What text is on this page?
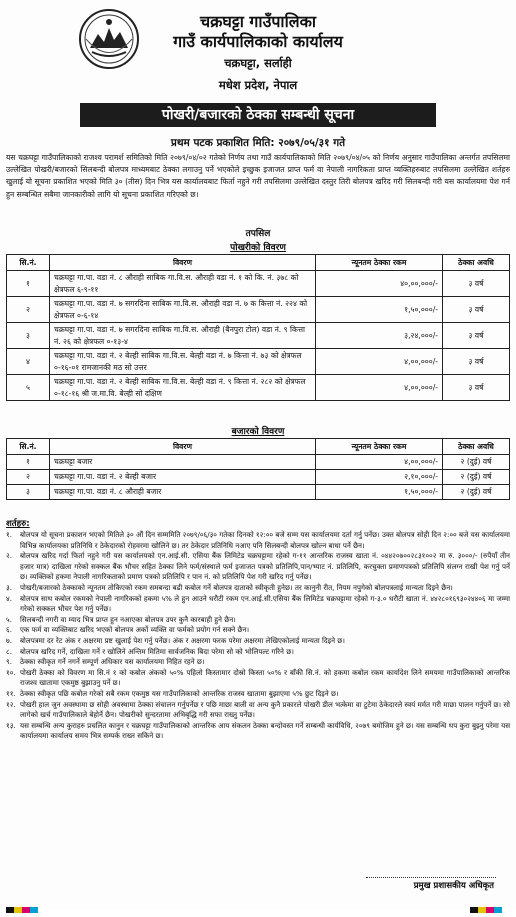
चक्रघट्टा गाउँपालिका
गाउँ कार्यपालिकाको कार्यालय
चक्रघट्टा, सर्लाही
मधेश प्रदेश, नेपाल
पोखरी/बजारको ठेक्का सम्बन्धी सूचना
प्रथम पटक प्रकाशित मिति: २०७९/०५/३१ गते
यस चक्रघट्टा गाउँपालिकाको राजश्व परामर्श समितिको मिति २०७९/०४/०२ गतेको निर्णय तथा गाउँ कार्यपालिकाको मिति २०७९/०४/०५ को निर्णय अनुसार गाउँपालिका अन्तर्गत तपसिलमा उल्लेखित पोखरी/बजारको सिलबन्दी बोलपत्र माध्यमबाट ठेक्का लगाउनु पर्ने भएकोले इच्छुक इजाजत प्राप्त फर्म वा नेपाली नागरिकता प्राप्त व्यक्तिहरुबाट तपसिलमा उल्लेखित शर्तहरु खुलाई यो सूचना प्रकाशित भएको मिति ३० (तीस) दिन भित्र यस कार्यालयबाट फिर्ता नहुने गरी तपसिलमा उल्लेखित दस्तुर तिरी बोलपत्र खरिद गरी सिलबन्दी गरी यस कार्यालयमा पेश गर्न हुन सम्बन्धित सबैमा जानकारीको लागि यो सूचना प्रकाशित गरिएको छ।
तपसिल
पोखरीको विवरण
सि.नं.	विवरण	न्यूनतम ठेक्का रकम	ठेक्का अवधि
१	चक्रघट्टा गा.पा. वडा नं. ८ औराही साबिक गा.वि.स. औराही वडा नं. १ को कि. नं. ३७८ को क्षेत्रफल ६-९-११	४०,००,०००/-	३ वर्ष
२	चक्रघट्टा गा.पा. वडा नं. ७ सगरदिना साबिक गा.वि.स. औराही वडा नं. ७ क कित्ता नं. २२४ को क्षेत्रफल ०-६-१४	१,५०,०००/-	३ वर्ष
३	चक्रघट्टा गा.पा. वडा नं. ७ सगरदिना साबिक गा.वि.स. औराही (बैनपुरा टोल) वडा नं. ९ कित्ता नं. २६ को क्षेत्रफल ०-१३-४	३,२४,०००/-	३ वर्ष
४	चक्रघट्टा गा.पा. वडा नं. २ बेल्ही साबिक गा.वि.स. बेल्ही वडा नं. ७ कित्ता नं. ७३ को क्षेत्रफल ०-१६-०१ रामजानकी मठ सो उत्तर	४,००,०००/-	३ वर्ष
५	चक्रघट्टा गा.पा. वडा नं. २ बेल्ही साबिक गा.वि.स. बेल्ही वडा नं. ९ कित्ता नं. २८२ को क्षेत्रफल ०-१८-१६ श्री ज.मा.वि. बेल्ही सो दक्षिण	४,००,०००/-	३ वर्ष
बजारको विवरण
सि.नं.	विवरण	न्यूनतम ठेक्का रकम	ठेक्का अवधि
१	चक्रघट्टा बजार	४,००,०००/-	२ (दुई) वर्ष
२	चक्रघट्टा गा.पा. वडा नं. २ बेल्ही बजार	२,१०,०००/-	२ (दुई) वर्ष
३	चक्रघट्टा गा.पा. वडा नं. ८ औराही बजार	१,५०,०००/-	२ (दुई) वर्ष
शर्तहरु:
१.	बोलपत्र यो सूचना प्रकाशन भएको मितिले ३० औं दिन सम्ममिति २०७९/०६/३० गतेका दिनको १२:०० बजे सम्म यस कार्यालयमा दर्ता गर्नु पर्नेछ। उक्त बोलपत्र सोही दिन २:०० बजे यस कार्यालयमा विभिन्न कार्यालयका प्रतिनिधि र ठेकेदारको रोहवरमा खोलिने छ। तर ठेकेदार प्रतिनिधि नआए पनि सिलबन्दी बोलपत्र खोल्न बाधा पर्ने छैन।
२.	बोलपत्र खरिद गर्दा फिर्ता नहुने गरी यस कार्यालयको एन.आई.सी. एसिया बैंक लिमिटेड चक्रघट्टामा रहेको ग-११ आन्तरिक राजस्व खाता नं. ०४४२०७००२८३१००२ मा रु. ३०००/- (रुपैयाँ तीन हजार मात्र) दाखिला गरेको सक्कल बैंक भौचर सहित ठेक्का लिने फर्म/संस्थाले फर्म इजाजत पत्रको प्रतिलिपि,पान/भ्याट नं. प्रतिलिपि, करचुक्ता प्रमाणपत्रको प्रतिलिपि संलग्न राखी पेश गर्नु पर्ने छ। व्यक्तिको हकमा नेपाली नागरिकताको प्रमाण पत्रको प्रतिलिपि र पान नं. को प्रतिलिपि पेश गरी खरिद गर्नु पर्नेछ।
३.	पोखरी/बजारको ठेक्काको न्यूनतम तोकिएको रकम समबन्दा बढी कबोल गर्ने बोलपत्र दाताको स्वीकृती हुनेछ। तर कानुनी रीत, नियम नपुगेको बोलपत्रलाई मान्यता दिइने छैन।
४.	बोलपत्र साथ कबोल रकमको नेपाली नागरिकको हकमा ५% ले हुन आउने धरौटी रकम एन.आई.सी.एसिया बैंक लिमिटेड चक्रघट्टामा रहेको ग-३.० धरौटी खाता नं. ४४२८०१६९३०२४४०६ मा जम्मा गरेको सक्कल भौचर पेश गर्नु पर्नेछ।
५.	सिलबन्दी नगरी वा म्याद भित्र प्राप्त हुन नआएका बोलपत्र उपर कुनै कारबाही हुने छैन।
६.	एक फर्म वा व्यक्तिबाट खरिद भएको बोलपत्र अर्को व्यक्ति वा फर्मको प्रयोग गर्न सक्ने छैन।
७.	बोलपत्रमा दर रेट अंक र अक्षरमा प्रष्ट खुलाई पेश गर्नु पर्नेछ। अंक र अक्षरमा फरक परेमा अक्षरमा लेखिएकोलाई मान्यता दिइने छ।
८.	बोलपत्र खरिद गर्ने, दाखिला गर्ने र खोलिने अन्तिम मितिमा सार्वजनिक बिदा परेमा सो को भोलिपल्ट गरिने छ।
९.	ठेक्का स्वीकृत गर्ने नगर्ने सम्पूर्ण अधिकार यस कार्यालयमा निहित रहने छ।
१०. पोखरी ठेक्का को विवरण मा सि.नं १ को कबोल अंकको ५०% पहिलो किस्तामार दोस्रो किस्ता ५०% र बाँकी सि.नं. को हकमा कबोल रकम कार्यादेश लिने समयमा गाउँपालिकाको आन्तरिक राजश्व खातामा एकमुष्ठ बुझाउनु पर्ने छ।
११. ठेक्का स्वीकृत पछि कबोल गरेको सबै रकम एकमुष्ठ यस गाउँपालिकाको आन्तरिक राजस्व खातामा बुझाएमा ५% छुट दिइने छ।
१२. पोखरी हाल जुन अवस्थामा छ सोही अवस्थामा ठेक्का संचालन गर्नुपर्नेछ र पछि माछा बाली वा अन्य कुनै प्रकारले पोखरी डील भत्केमा वा टुटेमा ठेकेदारले स्वयं मर्मत गरी माछा पालन गर्नुपर्ने छ। सो लागेको खर्च गाउँपालिकाले बेहोर्ने छैन। पोखरीको सुन्दरतामा अभिबृद्धि गरी सफा राख्नु पर्नेछ।
१३. यस सम्बन्धि अन्य कुराहरु प्रचलित कानुन र चक्रघट्टा गाउँपालिकाको आन्तरिक आय संकलन ठेक्का बन्दोवस्त गर्ने सम्बन्धी कार्यविधि, २०७९ बमोजिम हुने छ। यस सम्बन्धि थप कुरा बुझ्नु परेमा यस कार्यालयमा कार्यालय समय भित्र सम्पर्क राख्न सकिने छ।
प्रमुख प्रशासकीय अधिकृत
